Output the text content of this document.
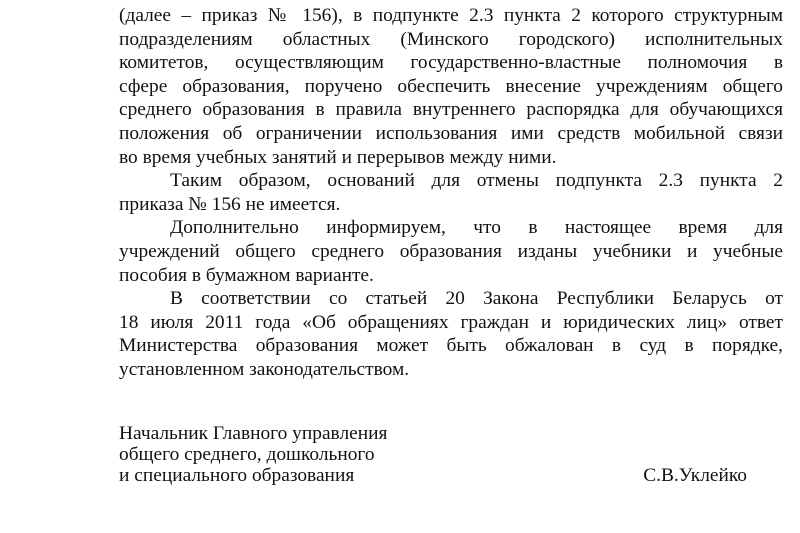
(далее – приказ № 156), в подпункте 2.3 пункта 2 которого структурным
подразделениям областных (Минского городского) исполнительных
комитетов, осуществляющим государственно-властные полномочия в
сфере образования, поручено обеспечить внесение учреждениям общего
среднего образования в правила внутреннего распорядка для обучающихся
положения об ограничении использования ими средств мобильной связи
во время учебных занятий и перерывов между ними.
Таким образом, оснований для отмены подпункта 2.3 пункта 2
приказа № 156 не имеется.
Дополнительно информируем, что в настоящее время для
учреждений общего среднего образования изданы учебники и учебные
пособия в бумажном варианте.
В соответствии со статьей 20 Закона Республики Беларусь от
18 июля 2011 года «Об обращениях граждан и юридических лиц» ответ
Министерства образования может быть обжалован в суд в порядке,
установленном законодательством.
Начальник Главного управления
общего среднего, дошкольного
и специального образования	С.В.Уклейко
